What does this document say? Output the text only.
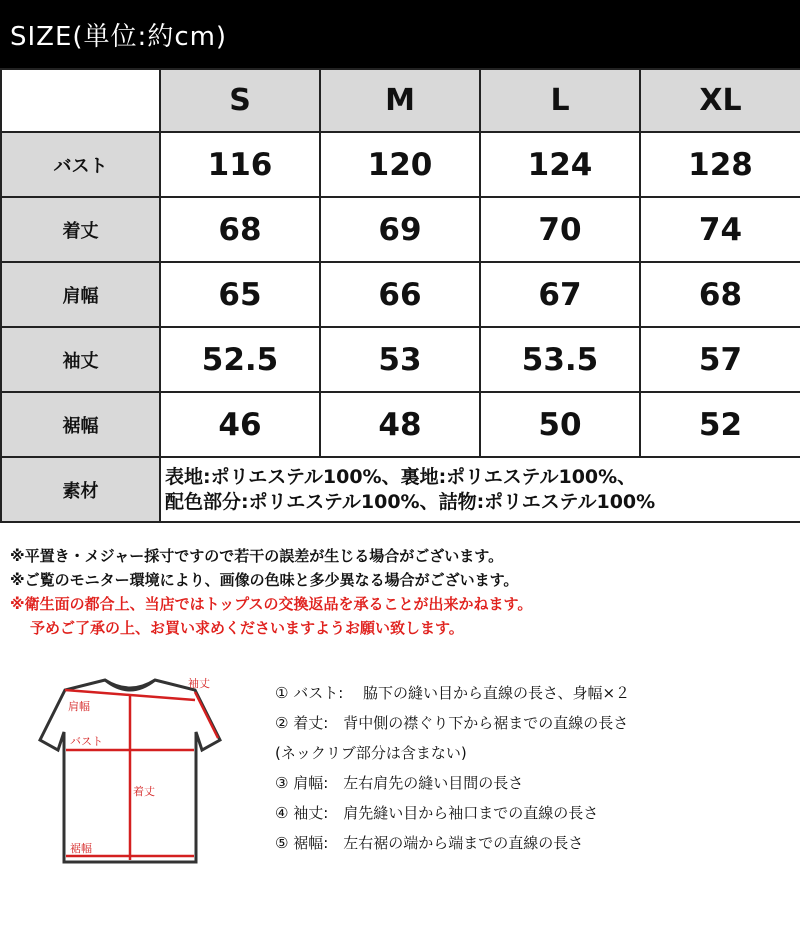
SIZE(単位:約cm)
	S	M	L	XL
バスト	116	120	124	128
着丈	68	69	70	74
肩幅	65	66	67	68
袖丈	52.5	53	53.5	57
裾幅	46	48	50	52
素材	表地:ポリエステル100%、裏地:ポリエステル100%、
配色部分:ポリエステル100%、詰物:ポリエステル100%			
※平置き・メジャー採寸ですので若干の誤差が生じる場合がございます。
※ご覧のモニター環境により、画像の色味と多少異なる場合がございます。
※衛生面の都合上、当店ではトップスの交換返品を承ることが出来かねます。
予めご了承の上、お買い求めくださいますようお願い致します。
肩幅
袖丈
バスト
着丈
裾幅
① バスト:　 脇下の縫い目から直線の長さ、身幅×２
② 着丈:　背中側の襟ぐり下から裾までの直線の長さ
(ネックリブ部分は含まない)
③ 肩幅:　左右肩先の縫い目間の長さ
④ 袖丈:　肩先縫い目から袖口までの直線の長さ
⑤ 裾幅:　左右裾の端から端までの直線の長さ
